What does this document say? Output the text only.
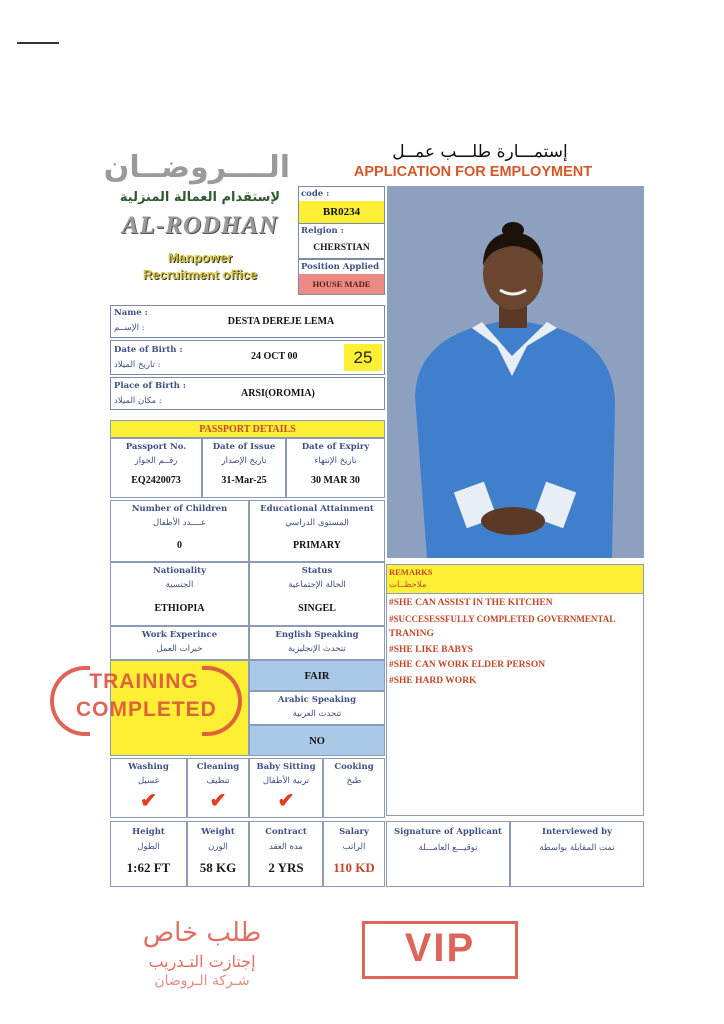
الــــروضــان
لإستقدام العمالة المنزلية
AL-RODHAN
Manpower
Recruitment office
إستمـــارة طلـــب عمــل
APPLICATION FOR EMPLOYMENT
code :
BR0234
Relgion :
CHERSTIAN
Position Applied
HOUSE MADE
Name :
الإســم :
DESTA DEREJE LEMA
Date of Birth :
تاريخ الميلاد :
24 OCT 00	25
Place of Birth :
مكان الميلاد :
ARSI(OROMIA)
PASSPORT DETAILS
Passport No.
رقــم الجواز
EQ2420073
Date of Issue
تاريخ الإصدار
31-Mar-25
Date of Expiry
تاريخ الإنتهاء
30 MAR 30
Number of Children
عــــدد الأطفال
0
Educational Attainment
المستوى الدراسي
PRIMARY
Nationality
الجنسية
ETHIOPIA
Status
الحالة الإجتماعية
SINGEL
Work Experince
خبرات العمل
English Speaking
تتحدث الإنجليزية
FAIR
Arabic Speaking
تتحدث العربية
NO
TRAINING
COMPLETED
REMARKS
ملاحظــات
#SHE CAN ASSIST IN THE KITCHEN
#SUCCESESSFULLY COMPLETED GOVERNMENTAL
TRANING
#SHE LIKE BABYS
#SHE CAN WORK ELDER PERSON
#SHE HARD WORK
Washing
غسيل
✔
Cleaning
تنظيف
✔
Baby Sitting
تربية الأطفال
✔
Cooking
طبخ
Height
الطول
1:62 FT
Weight
الوزن
58 KG
Contract
مدة العقد
2 YRS
Salary
الراتب
110 KD
Signature of Applicant
توقيـــع العامـــلة
Interviewed by
تمت المقابلة بواسطة
طلب خاص
إجتازت التـدريب
شـركة الـروضان
VIP
